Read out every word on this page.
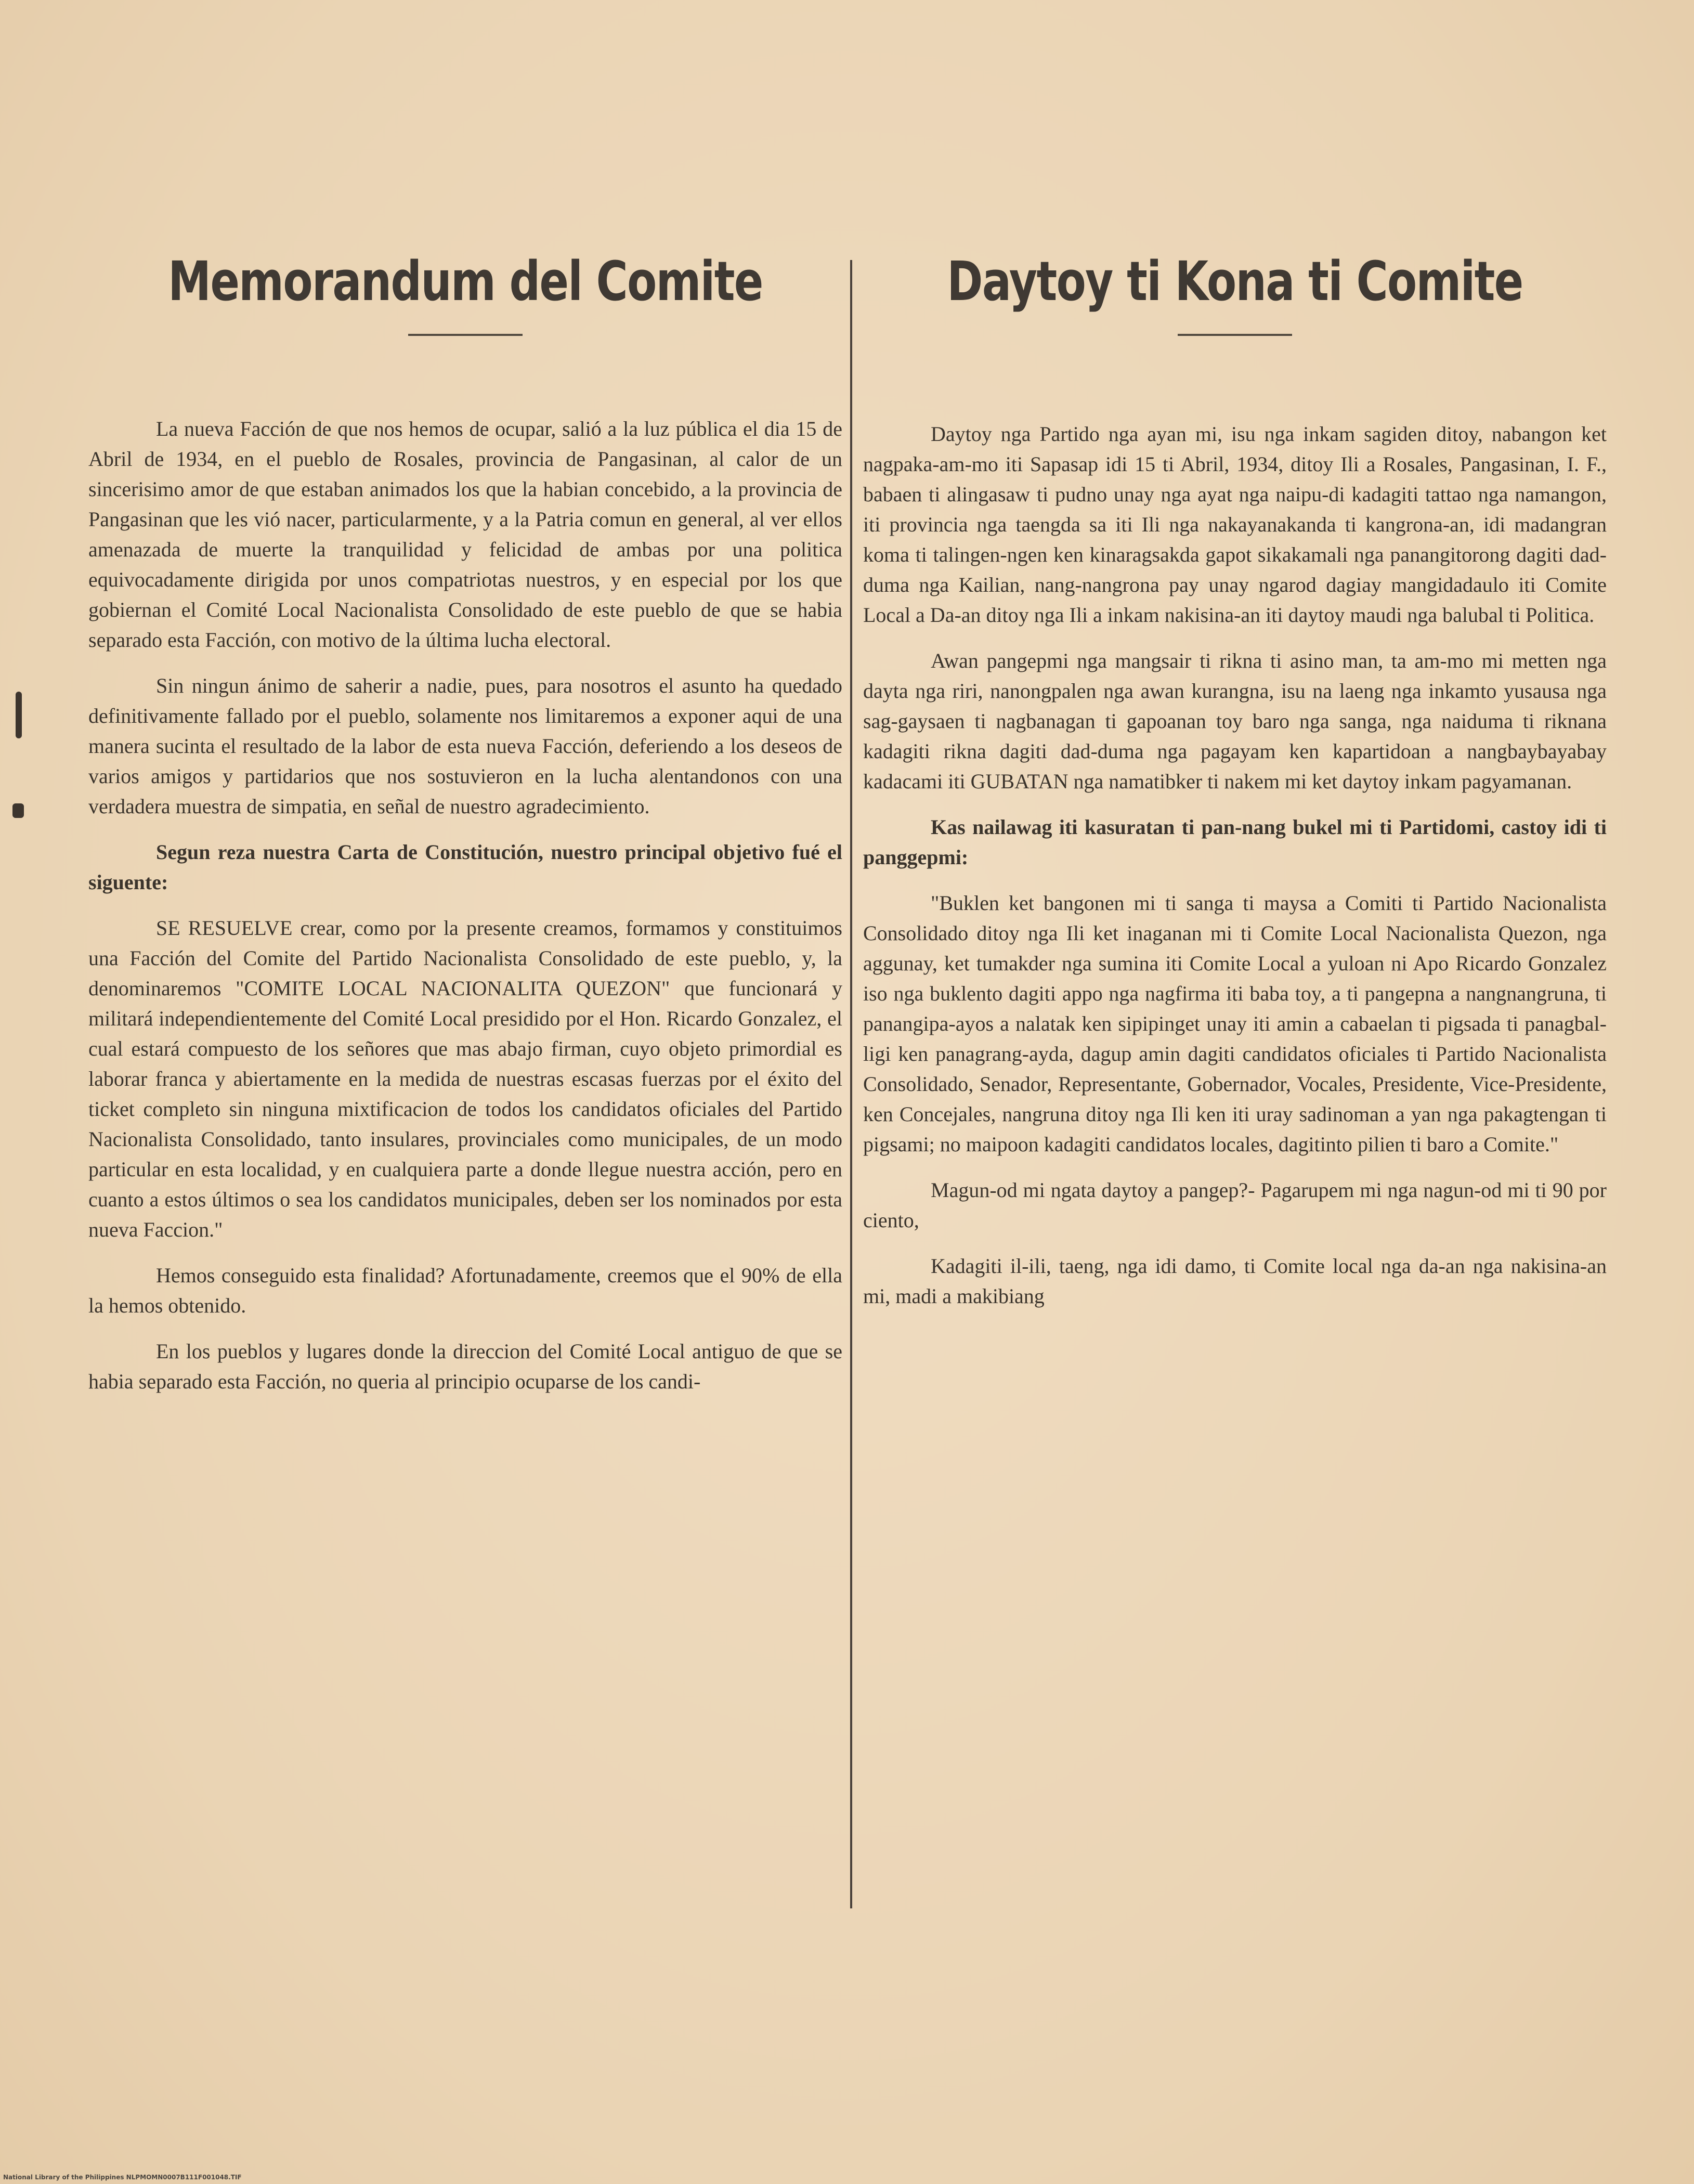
Memorandum del Comite

La nueva Facción de que nos hemos de ocupar, salió a la luz pública el dia 15 de Abril de 1934, en el pueblo de Rosales, provincia de Pangasinan, al calor de un sincerisimo amor de que estaban animados los que la habian concebido, a la provincia de Pangasinan que les vió nacer, particularmente, y a la Patria comun en general, al ver ellos amenazada de muerte la tranquilidad y felicidad de ambas por una politica equivocadamente dirigida por unos compatriotas nuestros, y en especial por los que gobiernan el Comité Local Nacionalista Consolidado de este pueblo de que se habia separado esta Facción, con motivo de la última lucha electoral.

Sin ningun ánimo de saherir a nadie, pues, para nosotros el asunto ha quedado definitivamente fallado por el pueblo, solamente nos limitaremos a exponer aqui de una manera sucinta el resultado de la labor de esta nueva Facción, deferiendo a los deseos de varios amigos y partidarios que nos sostuvieron en la lucha alentandonos con una verdadera muestra de simpatia, en señal de nuestro agradecimiento.

Segun reza nuestra Carta de Constitución, nuestro principal objetivo fué el siguente:

SE RESUELVE crear, como por la presente creamos, formamos y constituimos una Facción del Comite del Partido Nacionalista Consolidado de este pueblo, y, la denominaremos "COMITE LOCAL NACIONALITA QUEZON" que funcionará y militará independientemente del Comité Local presidido por el Hon. Ricardo Gonzalez, el cual estará compuesto de los señores que mas abajo firman, cuyo objeto primordial es laborar franca y abiertamente en la medida de nuestras escasas fuerzas por el éxito del ticket completo sin ninguna mixtificacion de todos los candidatos oficiales del Partido Nacionalista Consolidado, tanto insulares, provinciales como municipales, de un modo particular en esta localidad, y en cualquiera parte a donde llegue nuestra acción, pero en cuanto a estos últimos o sea los candidatos municipales, deben ser los nominados por esta nueva Faccion."

Hemos conseguido esta finalidad? Afortunadamente, creemos que el 90% de ella la hemos obtenido.

En los pueblos y lugares donde la direccion del Comité Local antiguo de que se habia separado esta Facción, no queria al principio ocuparse de los candi-

Daytoy ti Kona ti Comite

Daytoy nga Partido nga ayan mi, isu nga inkam sagiden ditoy, nabangon ket nagpaka-am-mo iti Sapasap idi 15 ti Abril, 1934, ditoy Ili a Rosales, Pangasinan, I. F., babaen ti alingasaw ti pudno unay nga ayat nga naipu-di kadagiti tattao nga namangon, iti provincia nga taengda sa iti Ili nga nakayanakanda ti kangrona-an, idi madangran koma ti talingen-ngen ken kinaragsakda gapot sikakamali nga panangitorong dagiti dad-duma nga Kailian, nang-nangrona pay unay ngarod dagiay mangidadaulo iti Comite Local a Da-an ditoy nga Ili a inkam nakisina-an iti daytoy maudi nga balubal ti Politica.

Awan pangepmi nga mangsair ti rikna ti asino man, ta am-mo mi metten nga dayta nga riri, nanongpalen nga awan kurangna, isu na laeng nga inkamto yusausa nga sag-gaysaen ti nagbanagan ti gapoanan toy baro nga sanga, nga naiduma ti riknana kadagiti rikna dagiti dad-duma nga pagayam ken kapartidoan a nangbaybayabay kadacami iti GUBATAN nga namatibker ti nakem mi ket daytoy inkam pagyamanan.

Kas nailawag iti kasuratan ti pan-nang bukel mi ti Partidomi, castoy idi ti panggepmi:

"Buklen ket bangonen mi ti sanga ti maysa a Comiti ti Partido Nacionalista Consolidado ditoy nga Ili ket inaganan mi ti Comite Local Nacionalista Quezon, nga aggunay, ket tumakder nga sumina iti Comite Local a yuloan ni Apo Ricardo Gonzalez iso nga buklento dagiti appo nga nagfirma iti baba toy, a ti pangepna a nangnangruna, ti panangipa-ayos a nalatak ken sipipinget unay iti amin a cabaelan ti pigsada ti panagbal-ligi ken panagrang-ayda, dagup amin dagiti candidatos oficiales ti Partido Nacionalista Consolidado, Senador, Representante, Gobernador, Vocales, Presidente, Vice-Presidente, ken Concejales, nangruna ditoy nga Ili ken iti uray sadinoman a yan nga pakagtengan ti pigsami; no maipoon kadagiti candidatos locales, dagitinto pilien ti baro a Comite."

Magun-od mi ngata daytoy a pangep?- Pagarupem mi nga nagun-od mi ti 90 por ciento,

Kadagiti il-ili, taeng, nga idi damo, ti Comite local nga da-an nga nakisina-an mi, madi a makibiang

National Library of the Philippines NLPMOMN0007B111F001048.TIF
